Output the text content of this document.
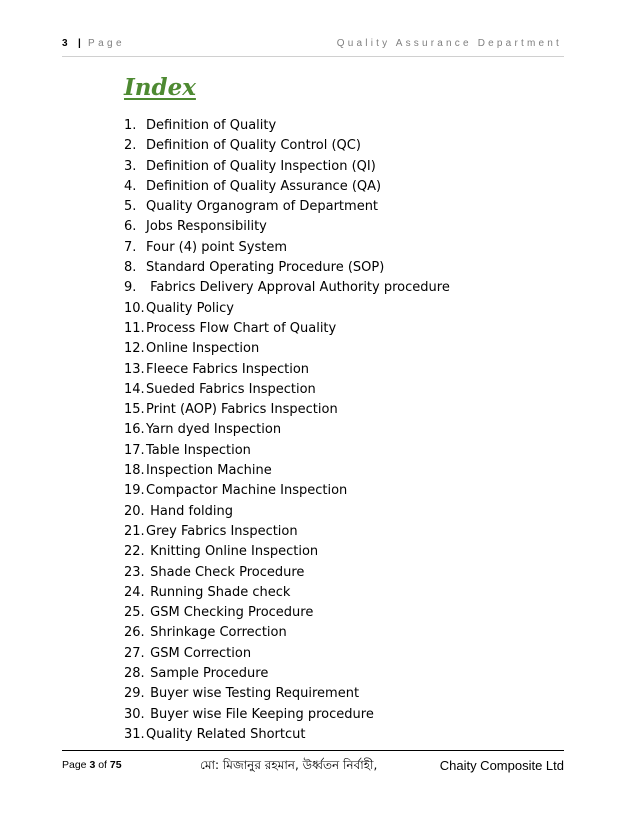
3 | Page	Quality Assurance Department
Index
1. Definition of Quality
2. Definition of Quality Control (QC)
3. Definition of Quality Inspection (QI)
4. Definition of Quality Assurance (QA)
5. Quality Organogram of Department
6. Jobs Responsibility
7. Four (4) point System
8. Standard Operating Procedure (SOP)
9. Fabrics Delivery Approval Authority procedure
10.Quality Policy
11.Process Flow Chart of Quality
12.Online Inspection
13.Fleece Fabrics Inspection
14.Sueded Fabrics Inspection
15.Print (AOP) Fabrics Inspection
16.Yarn dyed Inspection
17.Table Inspection
18.Inspection Machine
19.Compactor Machine Inspection
20. Hand folding
21.Grey Fabrics Inspection
22. Knitting Online Inspection
23. Shade Check Procedure
24. Running Shade check
25. GSM Checking Procedure
26. Shrinkage Correction
27. GSM Correction
28. Sample Procedure
29. Buyer wise Testing Requirement
30. Buyer wise File Keeping procedure
31.Quality Related Shortcut
Page 3 of 75	মো: মিজানুর রহমান, উর্ধ্বতন নির্বাহী,	Chaity Composite Ltd
